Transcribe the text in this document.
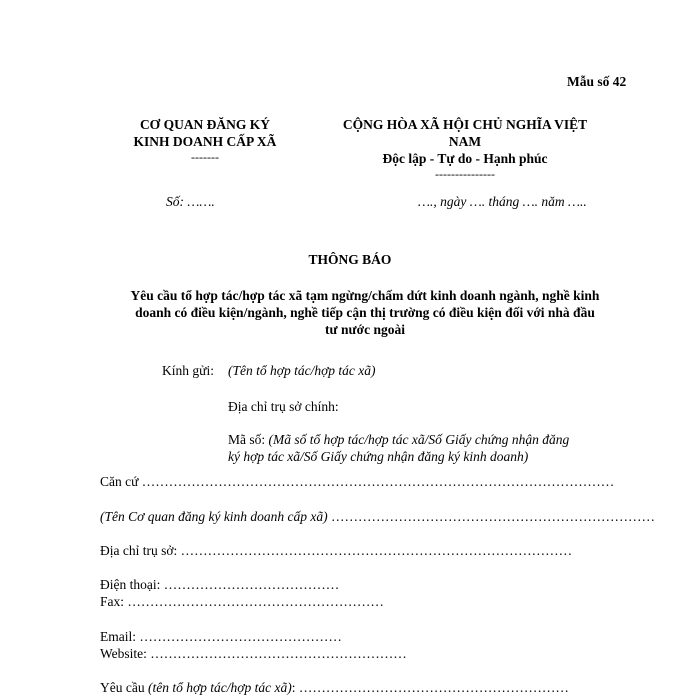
Mẫu số 42
CƠ QUAN ĐĂNG KÝ
KINH DOANH CẤP XÃ
-------
CỘNG HÒA XÃ HỘI CHỦ NGHĨA VIỆT
NAM
Độc lập - Tự do - Hạnh phúc
---------------
Số: …….	…., ngày …. tháng …. năm …..
THÔNG BÁO
Yêu cầu tổ hợp tác/hợp tác xã tạm ngừng/chấm dứt kinh doanh ngành, nghề kinh
doanh có điều kiện/ngành, nghề tiếp cận thị trường có điều kiện đối với nhà đầu
tư nước ngoài
Kính gửi: (Tên tổ hợp tác/hợp tác xã)
Địa chỉ trụ sở chính:
Mã số: (Mã số tổ hợp tác/hợp tác xã/Số Giấy chứng nhận đăng
ký hợp tác xã/Số Giấy chứng nhận đăng ký kinh doanh)
Căn cứ ……………………………………………………………………………………………
(Tên Cơ quan đăng ký kinh doanh cấp xã) ………………………………………………………………
Địa chỉ trụ sở: ……………………………………………………………………………
Điện thoại: …………………………………
Fax: …………………………………………………
Email: ………………………………………
Website: …………………………………………………
Yêu cầu (tên tổ hợp tác/hợp tác xã): ……………………………………………………
